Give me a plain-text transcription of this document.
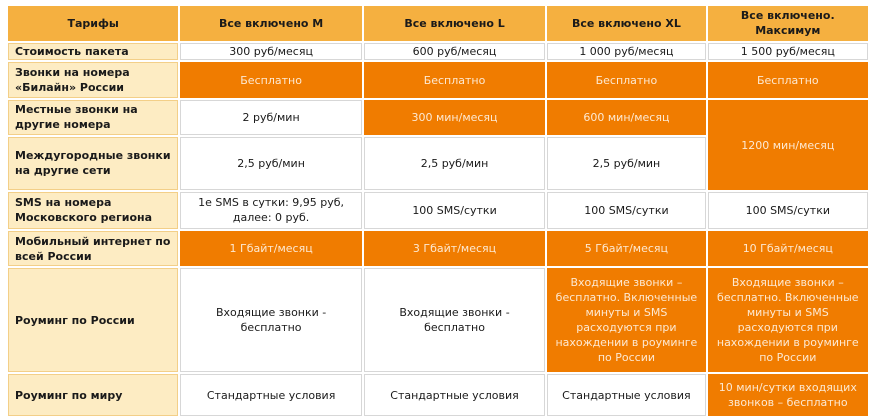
Тарифы	Все включено M	Все включено L	Все включено XL	Все включено. Максимум
Стоимость пакета	300 руб/месяц	600 руб/месяц	1 000 руб/месяц	1 500 руб/месяц
Звонки на номера «Билайн» России	Бесплатно	Бесплатно	Бесплатно	Бесплатно
Местные звонки на другие номера	2 руб/мин	300 мин/месяц	600 мин/месяц	1200 мин/месяц
Междугородные звонки на другие сети	2,5 руб/мин	2,5 руб/мин	2,5 руб/мин	
SMS на номера Московского региона	1е SMS в сутки: 9,95 руб, далее: 0 руб.	100 SMS/сутки	100 SMS/сутки	100 SMS/сутки
Мобильный интернет по всей России	1 Гбайт/месяц	3 Гбайт/месяц	5 Гбайт/месяц	10 Гбайт/месяц
Роуминг по России	Входящие звонки - бесплатно	Входящие звонки - бесплатно	Входящие звонки – бесплатно. Включенные минуты и SMS расходуются при нахождении в роуминге по России	Входящие звонки – бесплатно. Включенные минуты и SMS расходуются при нахождении в роуминге по России
Роуминг по миру	Стандартные условия	Стандартные условия	Стандартные условия	10 мин/сутки входящих звонков – бесплатно
